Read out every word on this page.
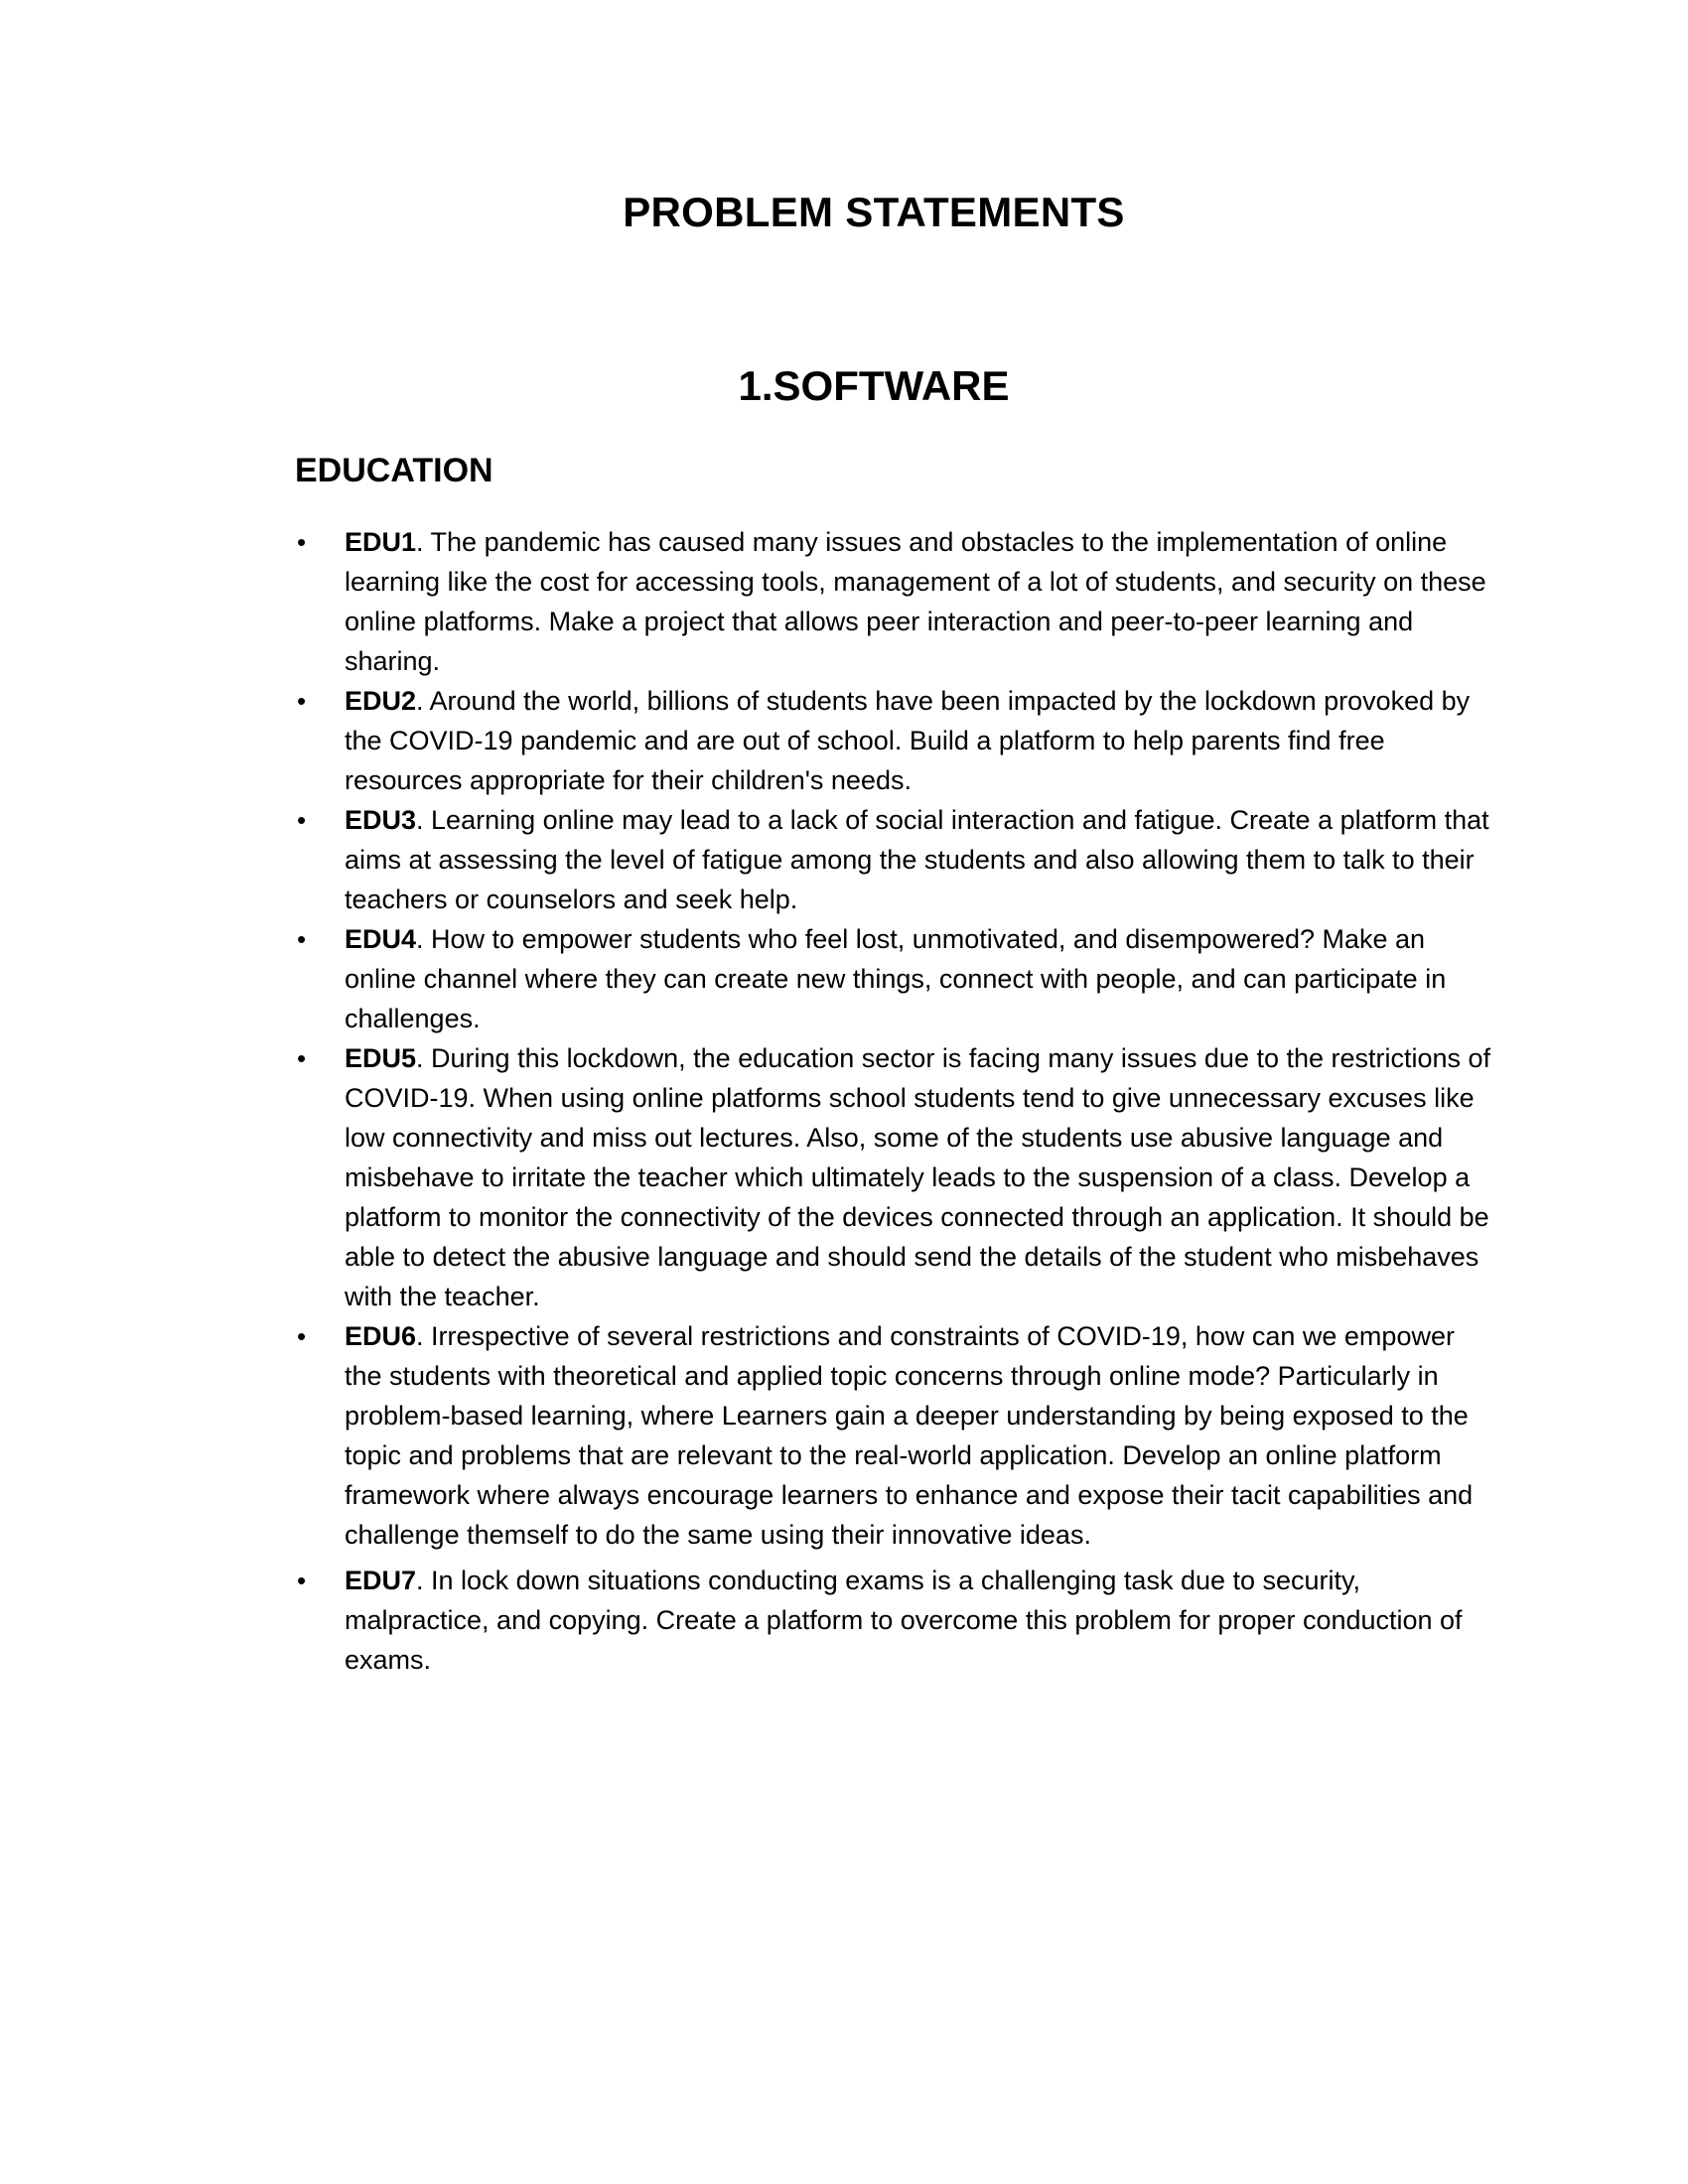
PROBLEM STATEMENTS
1.SOFTWARE
EDUCATION
• EDU1. The pandemic has caused many issues and obstacles to the implementation of online learning like the cost for accessing tools, management of a lot of students, and security on these online platforms. Make a project that allows peer interaction and peer-to-peer learning and sharing.
• EDU2. Around the world, billions of students have been impacted by the lockdown provoked by the COVID-19 pandemic and are out of school. Build a platform to help parents find free resources appropriate for their children's needs.
• EDU3. Learning online may lead to a lack of social interaction and fatigue. Create a platform that aims at assessing the level of fatigue among the students and also allowing them to talk to their teachers or counselors and seek help.
• EDU4. How to empower students who feel lost, unmotivated, and disempowered? Make an online channel where they can create new things, connect with people, and can participate in challenges.
• EDU5. During this lockdown, the education sector is facing many issues due to the restrictions of COVID-19. When using online platforms school students tend to give unnecessary excuses like low connectivity and miss out lectures. Also, some of the students use abusive language and misbehave to irritate the teacher which ultimately leads to the suspension of a class. Develop a platform to monitor the connectivity of the devices connected through an application. It should be able to detect the abusive language and should send the details of the student who misbehaves with the teacher.
• EDU6. Irrespective of several restrictions and constraints of COVID-19, how can we empower the students with theoretical and applied topic concerns through online mode? Particularly in problem-based learning, where Learners gain a deeper understanding by being exposed to the topic and problems that are relevant to the real-world application. Develop an online platform framework where always encourage learners to enhance and expose their tacit capabilities and challenge themself to do the same using their innovative ideas.
• EDU7. In lock down situations conducting exams is a challenging task due to security, malpractice, and copying. Create a platform to overcome this problem for proper conduction of exams.
